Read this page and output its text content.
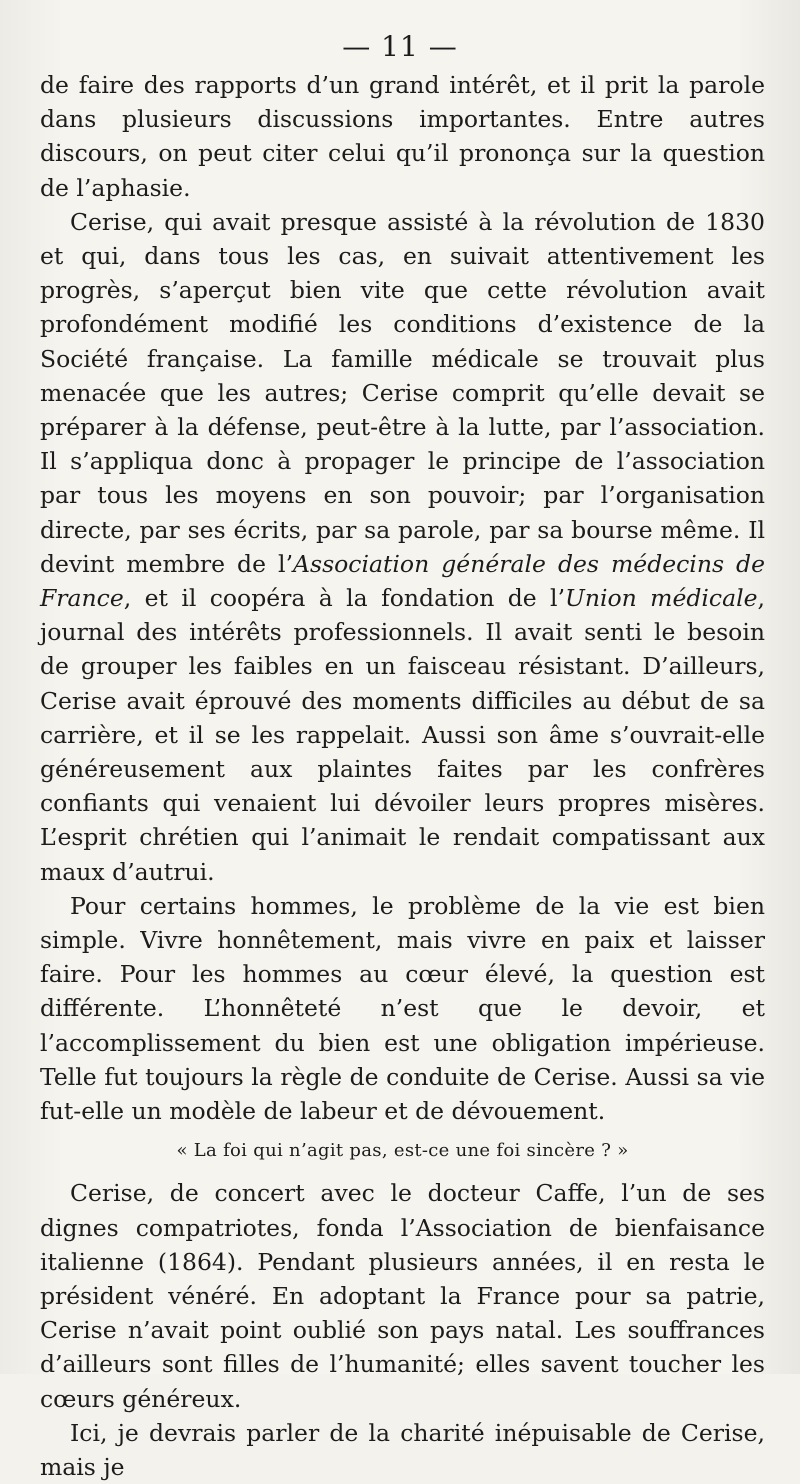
— 11 —

de faire des rapports d’un grand intérêt, et il prit la parole dans plusieurs discussions importantes. Entre autres discours, on peut citer celui qu’il prononça sur la question de l’aphasie.

Cerise, qui avait presque assisté à la révolution de 1830 et qui, dans tous les cas, en suivait attentivement les progrès, s’aperçut bien vite que cette révolution avait profondément modifié les conditions d’existence de la Société française. La famille médicale se trouvait plus menacée que les autres; Cerise comprit qu’elle devait se préparer à la défense, peut-être à la lutte, par l’association. Il s’appliqua donc à propager le principe de l’association par tous les moyens en son pouvoir; par l’organisation directe, par ses écrits, par sa parole, par sa bourse même. Il devint membre de l’Association générale des médecins de France, et il coopéra à la fondation de l’Union médicale, journal des intérêts professionnels. Il avait senti le besoin de grouper les faibles en un faisceau résistant. D’ailleurs, Cerise avait éprouvé des moments difficiles au début de sa carrière, et il se les rappelait. Aussi son âme s’ouvrait-elle généreusement aux plaintes faites par les confrères confiants qui venaient lui dévoiler leurs propres misères. L’esprit chrétien qui l’animait le rendait compatissant aux maux d’autrui.

Pour certains hommes, le problème de la vie est bien simple. Vivre honnêtement, mais vivre en paix et laisser faire. Pour les hommes au cœur élevé, la question est différente. L’honnêteté n’est que le devoir, et l’accomplissement du bien est une obligation impérieuse. Telle fut toujours la règle de conduite de Cerise. Aussi sa vie fut-elle un modèle de labeur et de dévouement.

« La foi qui n’agit pas, est-ce une foi sincère ? »

Cerise, de concert avec le docteur Caffe, l’un de ses dignes compatriotes, fonda l’Association de bienfaisance italienne (1864). Pendant plusieurs années, il en resta le président vénéré. En adoptant la France pour sa patrie, Cerise n’avait point oublié son pays natal. Les souffrances d’ailleurs sont filles de l’humanité; elles savent toucher les cœurs généreux.

Ici, je devrais parler de la charité inépuisable de Cerise, mais je
